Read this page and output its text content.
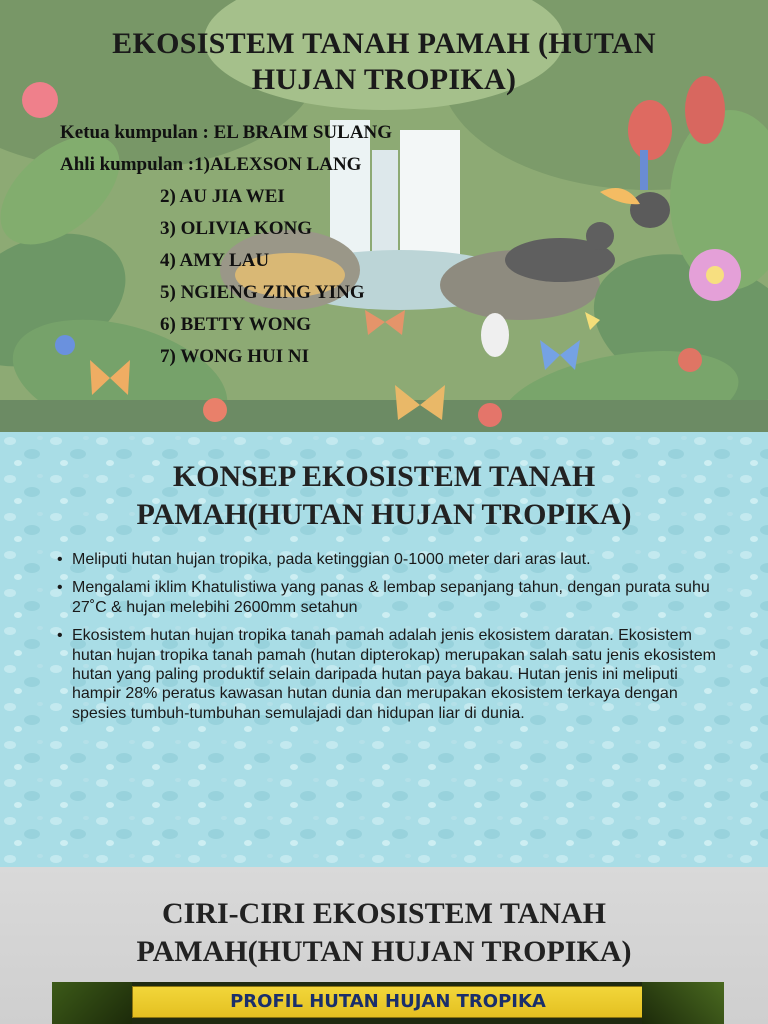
EKOSISTEM TANAH PAMAH (HUTAN
HUJAN TROPIKA)
Ketua kumpulan : EL BRAIM SULANG
Ahli kumpulan :1)ALEXSON LANG
2) AU JIA WEI
3) OLIVIA KONG
4) AMY LAU
5) NGIENG ZING YING
6) BETTY WONG
7) WONG HUI NI
KONSEP EKOSISTEM TANAH
PAMAH(HUTAN HUJAN TROPIKA)
• Meliputi hutan hujan tropika, pada ketinggian 0-1000 meter dari aras laut.
• Mengalami iklim Khatulistiwa yang panas & lembap sepanjang tahun, dengan purata suhu 27˚C & hujan melebihi 2600mm setahun
• Ekosistem hutan hujan tropika tanah pamah adalah jenis ekosistem daratan. Ekosistem hutan hujan tropika tanah pamah (hutan dipterokap) merupakan salah satu jenis ekosistem hutan yang paling produktif selain daripada hutan paya bakau. Hutan jenis ini meliputi hampir 28% peratus kawasan hutan dunia dan merupakan ekosistem terkaya dengan spesies tumbuh-tumbuhan semulajadi dan hidupan liar di dunia.
CIRI-CIRI EKOSISTEM TANAH
PAMAH(HUTAN HUJAN TROPIKA)
PROFIL HUTAN HUJAN TROPIKA
